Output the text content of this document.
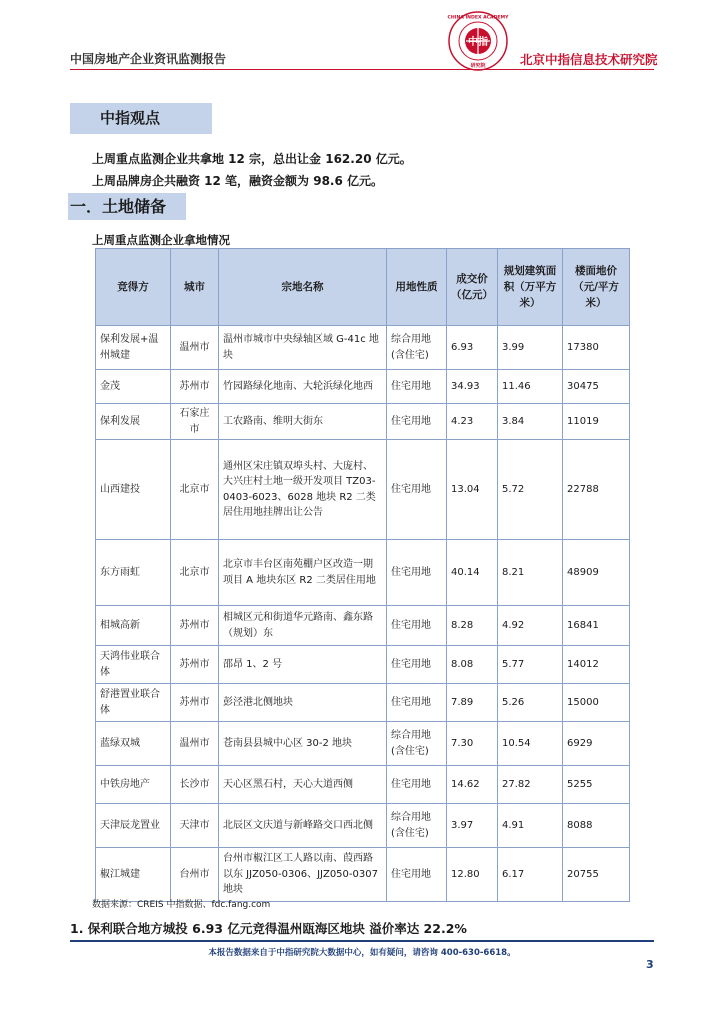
中国房地产企业资讯监测报告
中指
CHINA INDEX ACADEMY
研究院	北京中指信息技术研究院
中指观点
上周重点监测企业共拿地 12 宗，总出让金 162.20 亿元。
上周品牌房企共融资 12 笔，融资金额为 98.6 亿元。
一．土地储备
上周重点监测企业拿地情况
竞得方	城市	宗地名称	用地性质	成交价（亿元）	规划建筑面积（万平方米）	楼面地价（元/平方米）
保利发展+温州城建	温州市	温州市城市中央绿轴区域 G-41c 地块	综合用地(含住宅)	6.93	3.99	17380
金茂	苏州市	竹园路绿化地南、大轮浜绿化地西	住宅用地	34.93	11.46	30475
保利发展	石家庄市	工农路南、维明大街东	住宅用地	4.23	3.84	11019
山西建投	北京市	通州区宋庄镇双埠头村、大庞村、大兴庄村土地一级开发项目 TZ03-0403-6023、6028 地块 R2 二类居住用地挂牌出让公告	住宅用地	13.04	5.72	22788
东方雨虹	北京市	北京市丰台区南苑棚户区改造一期项目 A 地块东区 R2 二类居住用地	住宅用地	40.14	8.21	48909
相城高新	苏州市	相城区元和街道华元路南、鑫东路（规划）东	住宅用地	8.28	4.92	16841
天鸿伟业联合体	苏州市	邵昂 1、2 号	住宅用地	8.08	5.77	14012
舒港置业联合体	苏州市	彭泾港北侧地块	住宅用地	7.89	5.26	15000
蓝绿双城	温州市	苍南县县城中心区 30-2 地块	综合用地(含住宅)	7.30	10.54	6929
中铁房地产	长沙市	天心区黑石村，天心大道西侧	住宅用地	14.62	27.82	5255
天津辰龙置业	天津市	北辰区文庆道与新峰路交口西北侧	综合用地(含住宅)	3.97	4.91	8088
椒江城建	台州市	台州市椒江区工人路以南、葭西路以东 JJZ050-0306、JJZ050-0307 地块	住宅用地	12.80	6.17	20755
数据来源：CREIS 中指数据、fdc.fang.com
1. 保利联合地方城投 6.93 亿元竞得温州瓯海区地块 溢价率达 22.2%
本报告数据来自于中指研究院大数据中心，如有疑问，请咨询 400-630-6618。
3
